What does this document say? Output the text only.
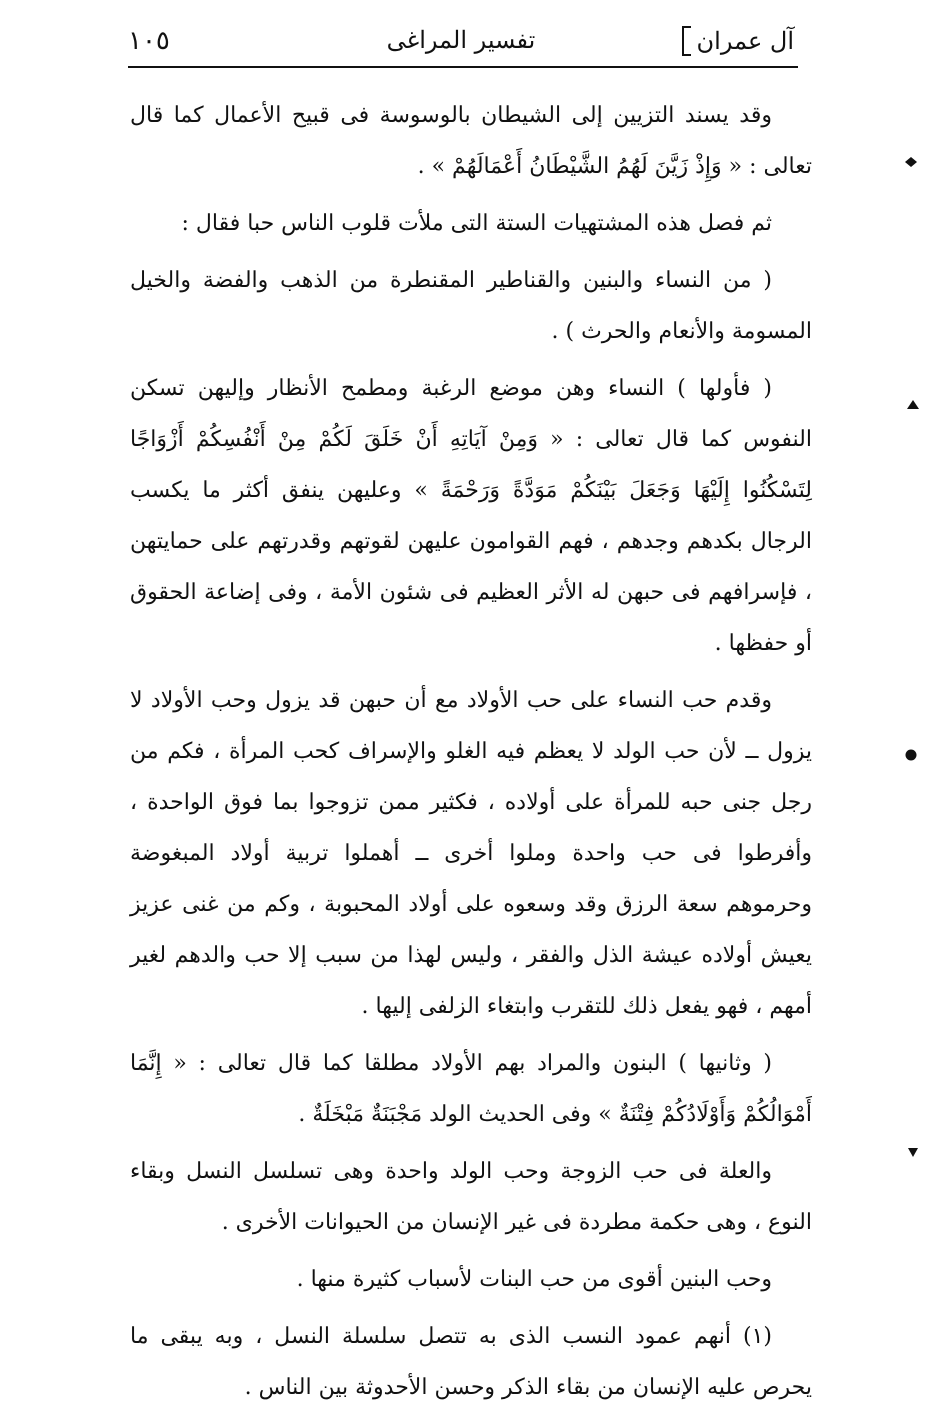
آل عمران
تفسير المراغى
١٠٥

وقد يسند التزيين إلى الشيطان بالوسوسة فى قبيح الأعمال كما قال تعالى : « وَإِذْ زَيَّنَ لَهُمُ الشَّيْطَانُ أَعْمَالَهُمْ » .

ثم فصل هذه المشتهيات الستة التى ملأت قلوب الناس حبا فقال :

( من النساء والبنين والقناطير المقنطرة من الذهب والفضة والخيل المسومة والأنعام والحرث ) .

( فأولها ) النساء وهن موضع الرغبة ومطمح الأنظار وإليهن تسكن النفوس كما قال تعالى : « وَمِنْ آيَاتِهِ أَنْ خَلَقَ لَكُمْ مِنْ أَنْفُسِكُمْ أَزْوَاجًا لِتَسْكُنُوا إِلَيْهَا وَجَعَلَ بَيْنَكُمْ مَوَدَّةً وَرَحْمَةً » وعليهن ينفق أكثر ما يكسب الرجال بكدهم وجدهم ، فهم القوامون عليهن لقوتهم وقدرتهم على حمايتهن ، فإسرافهم فى حبهن له الأثر العظيم فى شئون الأمة ، وفى إضاعة الحقوق أو حفظها .

وقدم حب النساء على حب الأولاد مع أن حبهن قد يزول وحب الأولاد لا يزول ــ لأن حب الولد لا يعظم فيه الغلو والإسراف كحب المرأة ، فكم من رجل جنى حبه للمرأة على أولاده ، فكثير ممن تزوجوا بما فوق الواحدة ، وأفرطوا فى حب واحدة وملوا أخرى ــ أهملوا تربية أولاد المبغوضة وحرموهم سعة الرزق وقد وسعوه على أولاد المحبوبة ، وكم من غنى عزيز يعيش أولاده عيشة الذل والفقر ، وليس لهذا من سبب إلا حب والدهم لغير أمهم ، فهو يفعل ذلك للتقرب وابتغاء الزلفى إليها .

( وثانيها ) البنون والمراد بهم الأولاد مطلقا كما قال تعالى : « إِنَّمَا أَمْوَالُكُمْ وَأَوْلَادُكُمْ فِتْنَةٌ » وفى الحديث الولد مَجْبَنَةٌ مَبْخَلَةٌ .

والعلة فى حب الزوجة وحب الولد واحدة وهى تسلسل النسل وبقاء النوع ، وهى حكمة مطردة فى غير الإنسان من الحيوانات الأخرى .

وحب البنين أقوى من حب البنات لأسباب كثيرة منها .

(١) أنهم عمود النسب الذى به تتصل سلسلة النسل ، وبه يبقى ما يحرص عليه الإنسان من بقاء الذكر وحسن الأحدوثة بين الناس .
